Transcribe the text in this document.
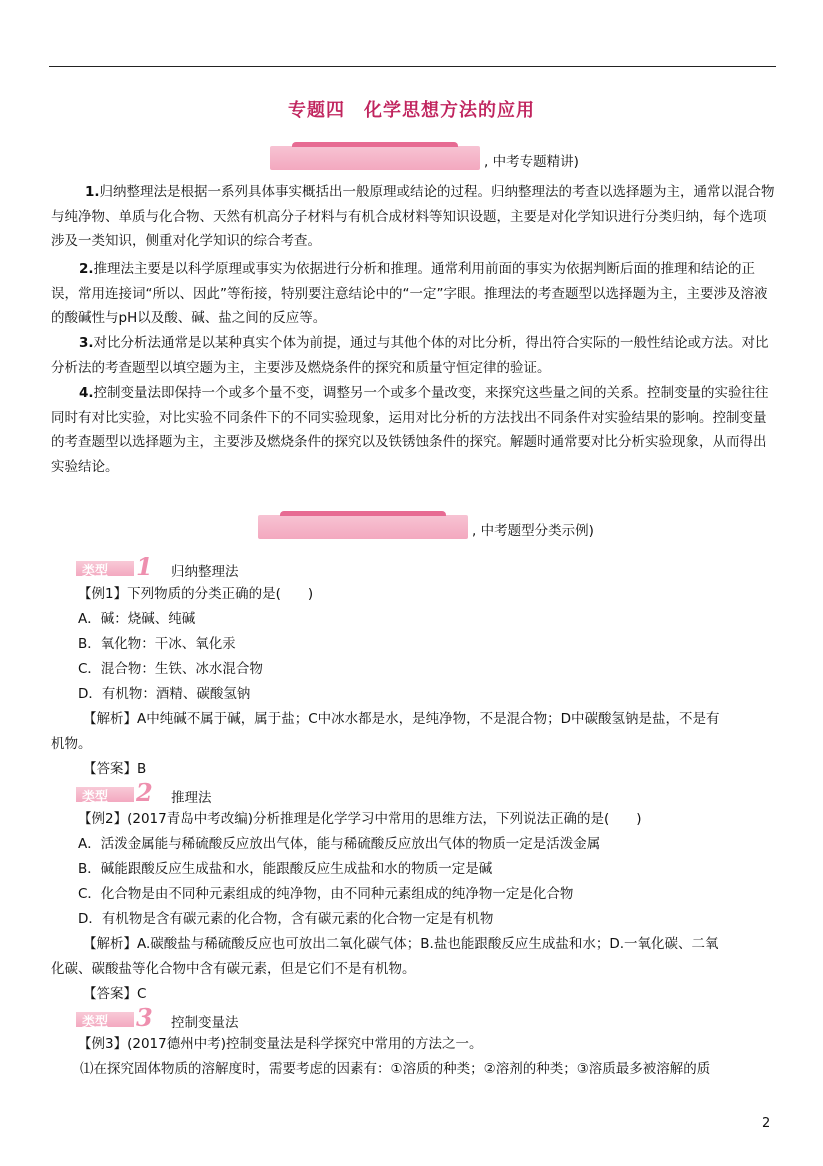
专题四　化学思想方法的应用
, 中考专题精讲)
1.归纳整理法是根据一系列具体事实概括出一般原理或结论的过程。归纳整理法的考查以选择题为主，通常以混合物与纯净物、单质与化合物、天然有机高分子材料与有机合成材料等知识设题，主要是对化学知识进行分类归纳，每个选项涉及一类知识，侧重对化学知识的综合考查。
2.推理法主要是以科学原理或事实为依据进行分析和推理。通常利用前面的事实为依据判断后面的推理和结论的正误，常用连接词“所以、因此”等衔接，特别要注意结论中的“一定”字眼。推理法的考查题型以选择题为主，主要涉及溶液的酸碱性与pH以及酸、碱、盐之间的反应等。
3.对比分析法通常是以某种真实个体为前提，通过与其他个体的对比分析，得出符合实际的一般性结论或方法。对比分析法的考查题型以填空题为主，主要涉及燃烧条件的探究和质量守恒定律的验证。
4.控制变量法即保持一个或多个量不变，调整另一个或多个量改变，来探究这些量之间的关系。控制变量的实验往往同时有对比实验，对比实验不同条件下的不同实验现象，运用对比分析的方法找出不同条件对实验结果的影响。控制变量的考查题型以选择题为主，主要涉及燃烧条件的探究以及铁锈蚀条件的探究。解题时通常要对比分析实验现象，从而得出实验结论。
, 中考题型分类示例)
类型 1 归纳整理法
【例1】下列物质的分类正确的是(　　)
A．碱：烧碱、纯碱
B．氧化物：干冰、氧化汞
C．混合物：生铁、冰水混合物
D．有机物：酒精、碳酸氢钠
【解析】A中纯碱不属于碱，属于盐；C中冰水都是水，是纯净物，不是混合物；D中碳酸氢钠是盐，不是有
机物。
【答案】B
类型 2 推理法
【例2】(2017青岛中考改编)分析推理是化学学习中常用的思维方法，下列说法正确的是(　　)
A．活泼金属能与稀硫酸反应放出气体，能与稀硫酸反应放出气体的物质一定是活泼金属
B．碱能跟酸反应生成盐和水，能跟酸反应生成盐和水的物质一定是碱
C．化合物是由不同种元素组成的纯净物，由不同种元素组成的纯净物一定是化合物
D．有机物是含有碳元素的化合物，含有碳元素的化合物一定是有机物
【解析】A.碳酸盐与稀硫酸反应也可放出二氧化碳气体；B.盐也能跟酸反应生成盐和水；D.一氧化碳、二氧
化碳、碳酸盐等化合物中含有碳元素，但是它们不是有机物。
【答案】C
类型 3 控制变量法
【例3】(2017德州中考)控制变量法是科学探究中常用的方法之一。
⑴在探究固体物质的溶解度时，需要考虑的因素有：①溶质的种类；②溶剂的种类；③溶质最多被溶解的质
2
